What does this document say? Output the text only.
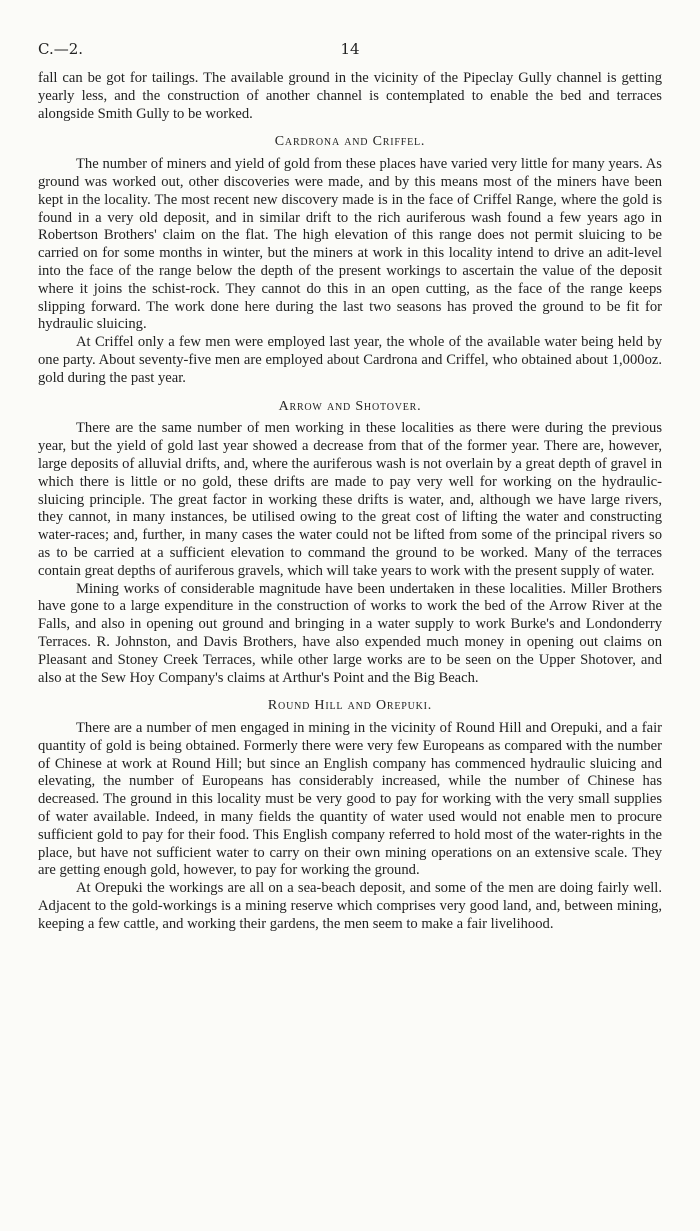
C.—2.	14

fall can be got for tailings. The available ground in the vicinity of the Pipeclay Gully channel is getting yearly less, and the construction of another channel is contemplated to enable the bed and terraces alongside Smith Gully to be worked.

Cardrona and Criffel.

The number of miners and yield of gold from these places have varied very little for many years. As ground was worked out, other discoveries were made, and by this means most of the miners have been kept in the locality. The most recent new discovery made is in the face of Criffel Range, where the gold is found in a very old deposit, and in similar drift to the rich auriferous wash found a few years ago in Robertson Brothers' claim on the flat. The high elevation of this range does not permit sluicing to be carried on for some months in winter, but the miners at work in this locality intend to drive an adit-level into the face of the range below the depth of the present workings to ascertain the value of the deposit where it joins the schist-rock. They cannot do this in an open cutting, as the face of the range keeps slipping forward. The work done here during the last two seasons has proved the ground to be fit for hydraulic sluicing.

At Criffel only a few men were employed last year, the whole of the available water being held by one party. About seventy-five men are employed about Cardrona and Criffel, who obtained about 1,000oz. gold during the past year.

Arrow and Shotover.

There are the same number of men working in these localities as there were during the previous year, but the yield of gold last year showed a decrease from that of the former year. There are, however, large deposits of alluvial drifts, and, where the auriferous wash is not overlain by a great depth of gravel in which there is little or no gold, these drifts are made to pay very well for working on the hydraulic-sluicing principle. The great factor in working these drifts is water, and, although we have large rivers, they cannot, in many instances, be utilised owing to the great cost of lifting the water and constructing water-races; and, further, in many cases the water could not be lifted from some of the principal rivers so as to be carried at a sufficient elevation to command the ground to be worked. Many of the terraces contain great depths of auriferous gravels, which will take years to work with the present supply of water.

Mining works of considerable magnitude have been undertaken in these localities. Miller Brothers have gone to a large expenditure in the construction of works to work the bed of the Arrow River at the Falls, and also in opening out ground and bringing in a water supply to work Burke's and Londonderry Terraces. R. Johnston, and Davis Brothers, have also expended much money in opening out claims on Pleasant and Stoney Creek Terraces, while other large works are to be seen on the Upper Shotover, and also at the Sew Hoy Company's claims at Arthur's Point and the Big Beach.

Round Hill and Orepuki.

There are a number of men engaged in mining in the vicinity of Round Hill and Orepuki, and a fair quantity of gold is being obtained. Formerly there were very few Europeans as compared with the number of Chinese at work at Round Hill; but since an English company has commenced hydraulic sluicing and elevating, the number of Europeans has considerably increased, while the number of Chinese has decreased. The ground in this locality must be very good to pay for working with the very small supplies of water available. Indeed, in many fields the quantity of water used would not enable men to procure sufficient gold to pay for their food. This English company referred to hold most of the water-rights in the place, but have not sufficient water to carry on their own mining operations on an extensive scale. They are getting enough gold, however, to pay for working the ground.

At Orepuki the workings are all on a sea-beach deposit, and some of the men are doing fairly well. Adjacent to the gold-workings is a mining reserve which comprises very good land, and, between mining, keeping a few cattle, and working their gardens, the men seem to make a fair livelihood.
